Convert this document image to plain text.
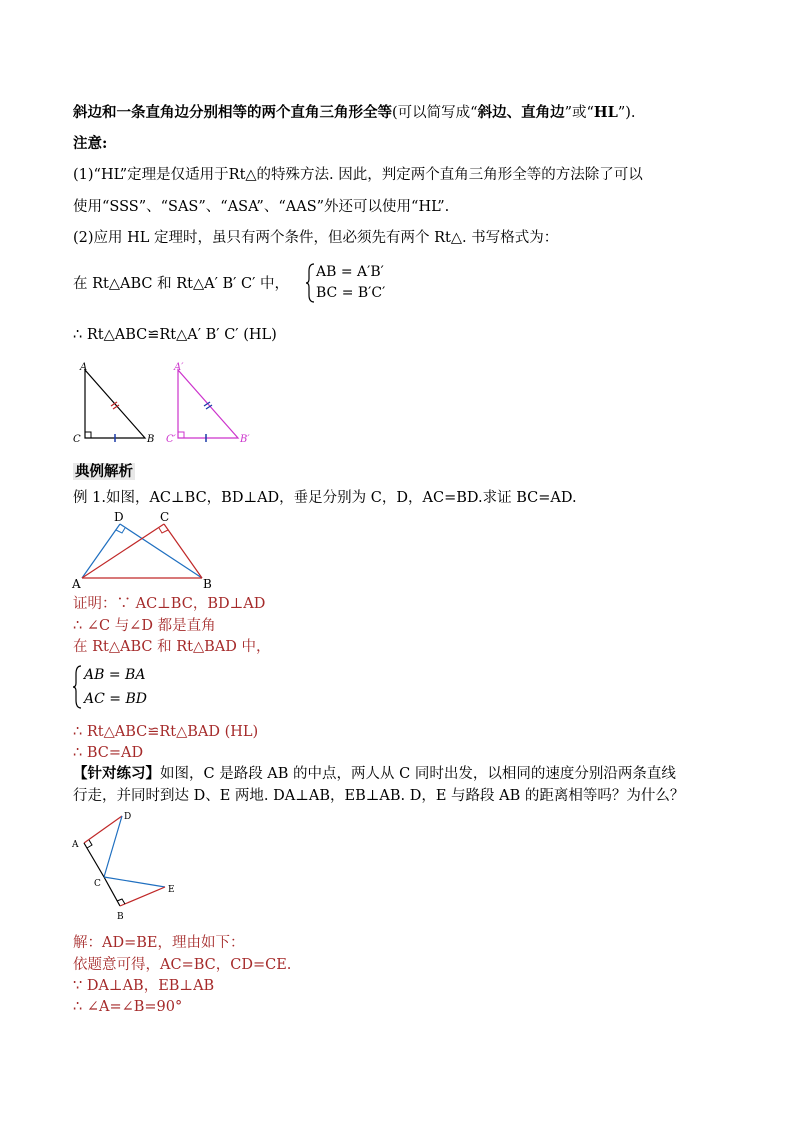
斜边和一条直角边分别相等的两个直角三角形全等(可以简写成“斜边、直角边”或“HL”).
注意:
(1)“HL”定理是仅适用于Rt△的特殊方法. 因此，判定两个直角三角形全等的方法除了可以
使用“SSS”、“SAS”、“ASA”、“AAS”外还可以使用“HL”.
(2)应用 HL 定理时，虽只有两个条件，但必须先有两个 Rt△. 书写格式为：
在 Rt△ABC 和 Rt△A′ B′ C′ 中，
AB = A′B′
BC = B′C′
∴ Rt△ABC≌Rt△A′ B′ C′ (HL)
A
C	B
A′
C′	B′
典例解析
例 1.如图，AC⊥BC，BD⊥AD，垂足分别为 C，D，AC=BD.求证 BC=AD.
D	C
A	B
证明：∵ AC⊥BC，BD⊥AD
∴ ∠C 与∠D 都是直角
在 Rt△ABC 和 Rt△BAD 中，
AB = BA
AC = BD
∴ Rt△ABC≌Rt△BAD (HL)
∴ BC=AD
【针对练习】如图，C 是路段 AB 的中点，两人从 C 同时出发，以相同的速度分别沿两条直线
行走，并同时到达 D、E 两地. DA⊥AB，EB⊥AB. D，E 与路段 AB 的距离相等吗？为什么？
D
A
C
E
B
解：AD=BE，理由如下：
依题意可得，AC=BC，CD=CE.
∵ DA⊥AB，EB⊥AB
∴ ∠A=∠B=90°
